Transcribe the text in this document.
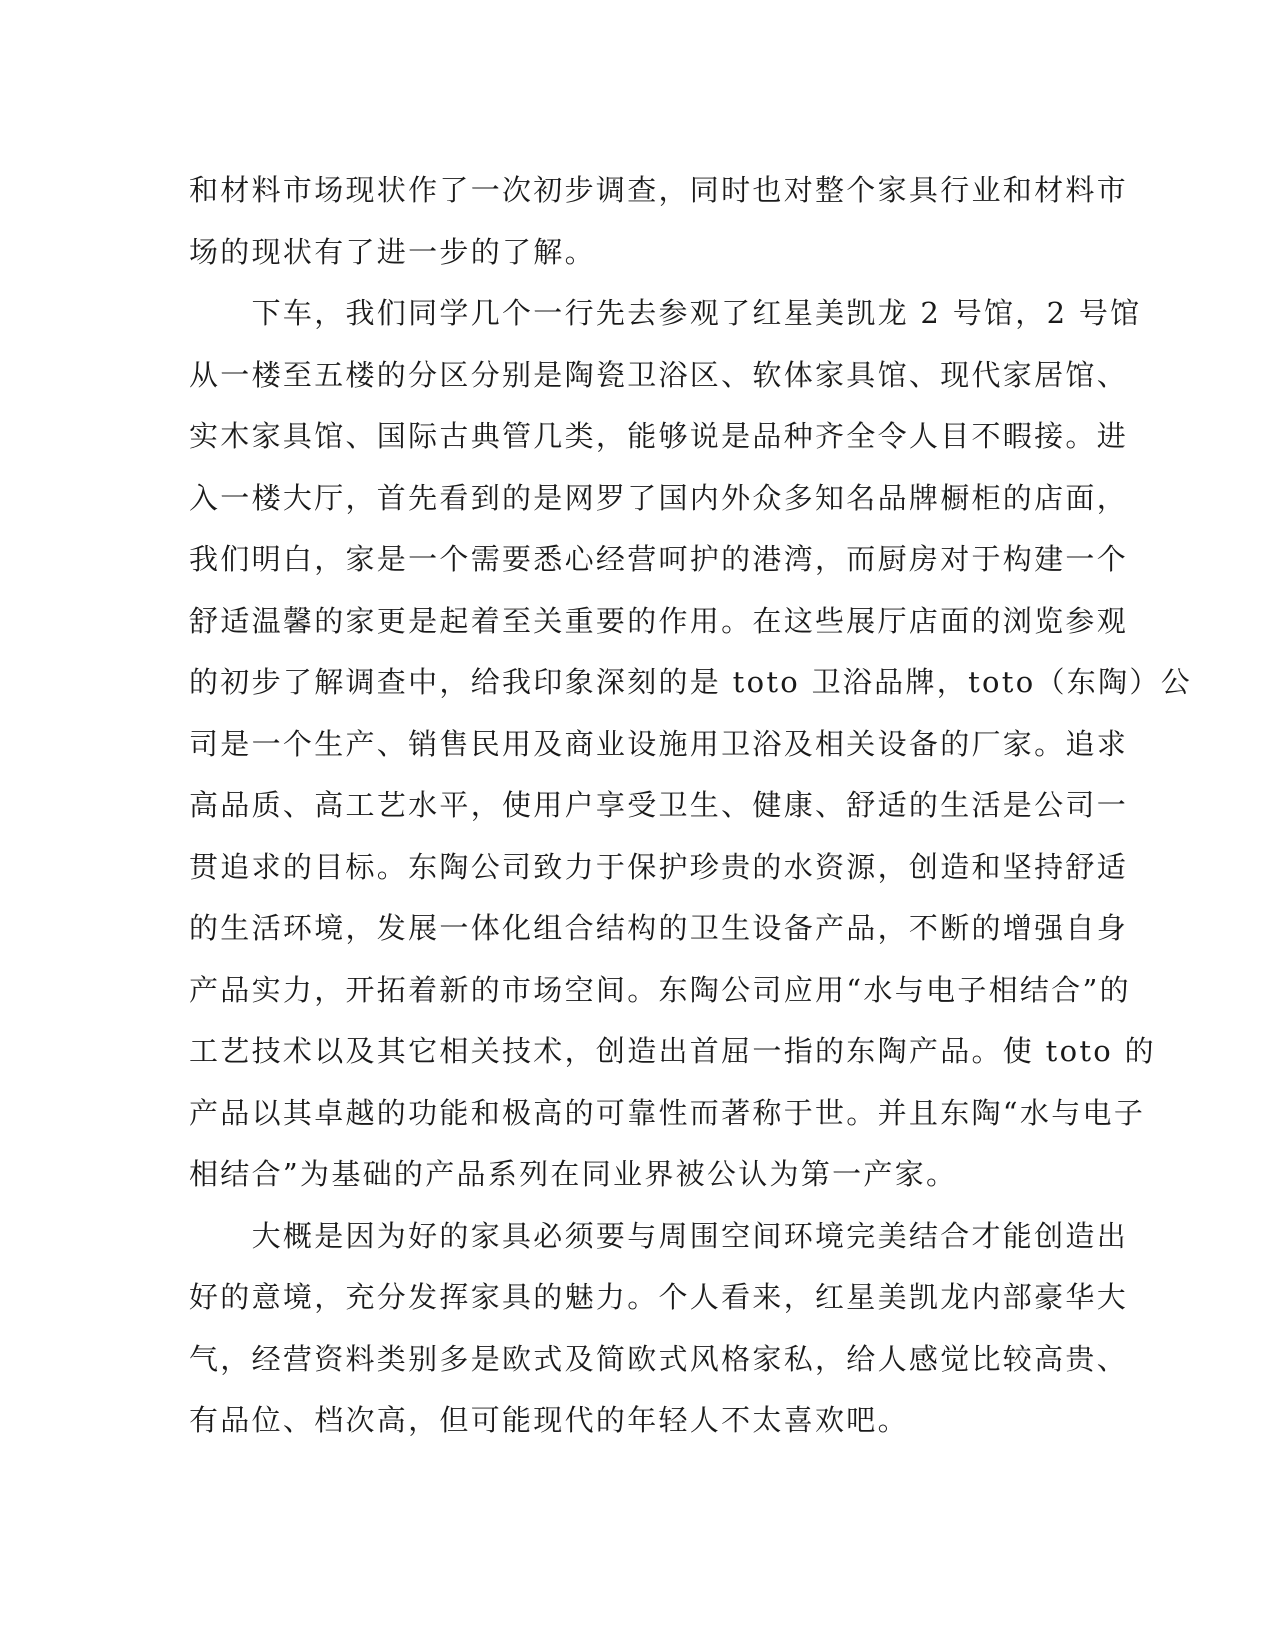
和材料市场现状作了一次初步调查，同时也对整个家具行业和材料市
场的现状有了进一步的了解。
　　下车，我们同学几个一行先去参观了红星美凯龙 2 号馆，2 号馆
从一楼至五楼的分区分别是陶瓷卫浴区、软体家具馆、现代家居馆、
实木家具馆、国际古典管几类，能够说是品种齐全令人目不暇接。进
入一楼大厅，首先看到的是网罗了国内外众多知名品牌橱柜的店面，
我们明白，家是一个需要悉心经营呵护的港湾，而厨房对于构建一个
舒适温馨的家更是起着至关重要的作用。在这些展厅店面的浏览参观
的初步了解调查中，给我印象深刻的是 toto 卫浴品牌，toto（东陶）公
司是一个生产、销售民用及商业设施用卫浴及相关设备的厂家。追求
高品质、高工艺水平，使用户享受卫生、健康、舒适的生活是公司一
贯追求的目标。东陶公司致力于保护珍贵的水资源，创造和坚持舒适
的生活环境，发展一体化组合结构的卫生设备产品，不断的增强自身
产品实力，开拓着新的市场空间。东陶公司应用“水与电子相结合”的
工艺技术以及其它相关技术，创造出首屈一指的东陶产品。使 toto 的
产品以其卓越的功能和极高的可靠性而著称于世。并且东陶“水与电子
相结合”为基础的产品系列在同业界被公认为第一产家。
　　大概是因为好的家具必须要与周围空间环境完美结合才能创造出
好的意境，充分发挥家具的魅力。个人看来，红星美凯龙内部豪华大
气，经营资料类别多是欧式及简欧式风格家私，给人感觉比较高贵、
有品位、档次高，但可能现代的年轻人不太喜欢吧。
